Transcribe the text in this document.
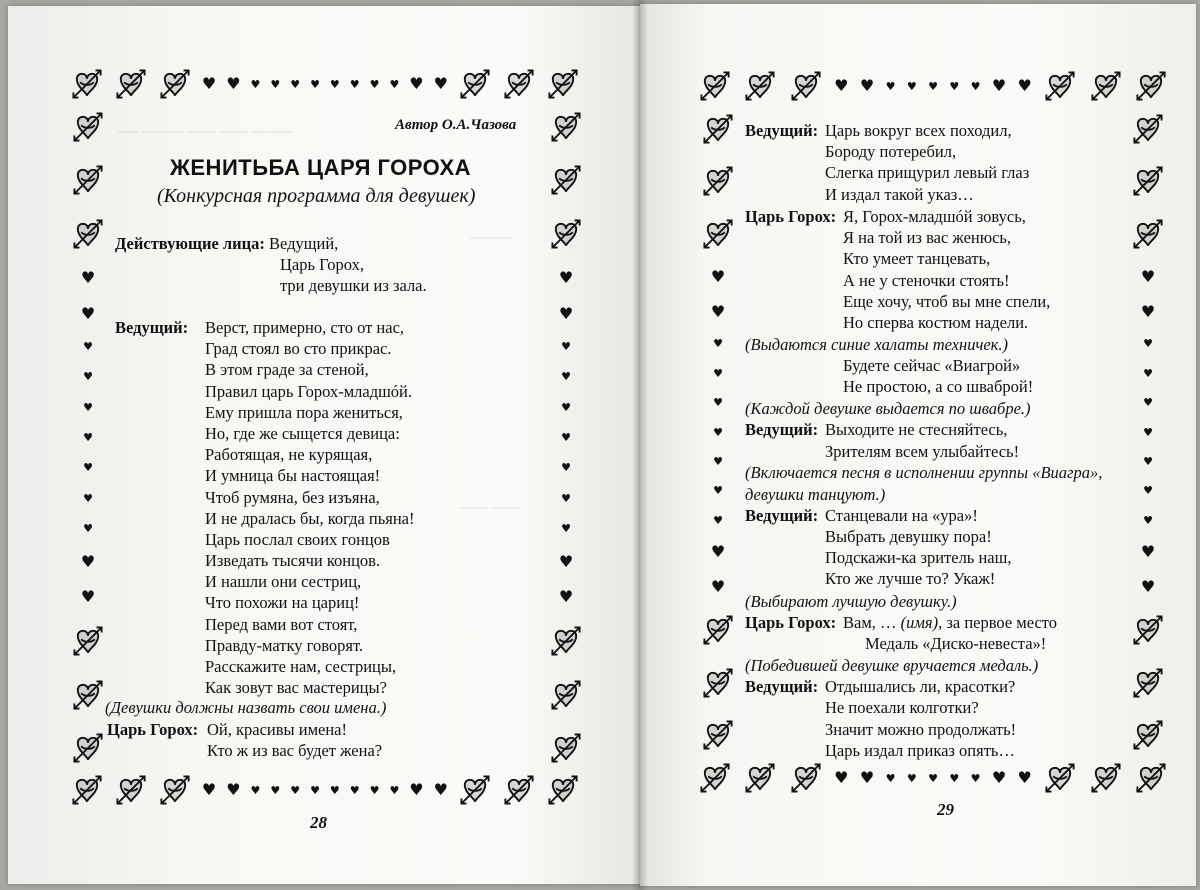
~~~ ~~~~~~ ~~~~ ~~~~ ~~~~~~
~~~~~~
~~~~ ~~~~
♥ ♥ ♥ ♥ ♥ ♥ ♥ ♥ ♥ ♥ ♥ ♥
♥ ♥ ♥ ♥ ♥ ♥ ♥ ♥ ♥ ♥ ♥ ♥
♥
♥
♥
♥
♥
♥
♥
♥
♥
♥
♥
♥
♥
♥
♥
♥
♥
♥
♥
♥
♥
♥
♥ ♥ ♥ ♥ ♥ ♥ ♥ ♥ ♥
♥ ♥ ♥ ♥ ♥ ♥ ♥ ♥ ♥
♥
♥
♥
♥
♥
♥
♥
♥
♥
♥
♥
♥
♥
♥
♥
♥
♥
♥
♥
♥
♥
♥
Автор О.А.Чазова
ЖЕНИТЬБА ЦАРЯ ГОРОХА
(Конкурсная программа для девушек)
Действующие лица: Ведущий,
Царь Горох,
три девушки из зала.
Ведущий: Верст, примерно, сто от нас,
Град стоял во сто прикрас.
В этом граде за стеной,
Правил царь Горох-младшóй.
Ему пришла пора жениться,
Но, где же сыщется девица:
Работящая, не курящая,
И умница бы настоящая!
Чтоб румяна, без изъяна,
И не дралась бы, когда пьяна!
Царь послал своих гонцов
Изведать тысячи концов.
И нашли они сестриц,
Что похожи на цариц!
Перед вами вот стоят,
Правду-матку говорят.
Расскажите нам, сестрицы,
Как зовут вас мастерицы?
(Девушки должны назвать свои имена.)
Царь Горох: Ой, красивы имена!
Кто ж из вас будет жена?
28
Ведущий: Царь вокруг всех походил,
Бороду потеребил,
Слегка прищурил левый глаз
И издал такой указ…
Царь Горох: Я, Горох-младшóй зовусь,
Я на той из вас женюсь,
Кто умеет танцевать,
А не у стеночки стоять!
Еще хочу, чтоб вы мне спели,
Но сперва костюм надели.
(Выдаются синие халаты техничек.)
Будете сейчас «Виагрой»
Не простою, а со шваброй!
(Каждой девушке выдается по швабре.)
Ведущий: Выходите не стесняйтесь,
Зрителям всем улыбайтесь!
(Включается песня в исполнении группы «Виагра»,
девушки танцуют.)
Ведущий: Станцевали на «ура»!
Выбрать девушку пора!
Подскажи-ка зритель наш,
Кто же лучше то? Укаж!
(Выбирают лучшую девушку.)
Царь Горох: Вам, … (имя), за первое место
Медаль «Диско-невеста»!
(Победившей девушке вручается медаль.)
Ведущий: Отдышались ли, красотки?
Не поехали колготки?
Значит можно продолжать!
Царь издал приказ опять…
29
